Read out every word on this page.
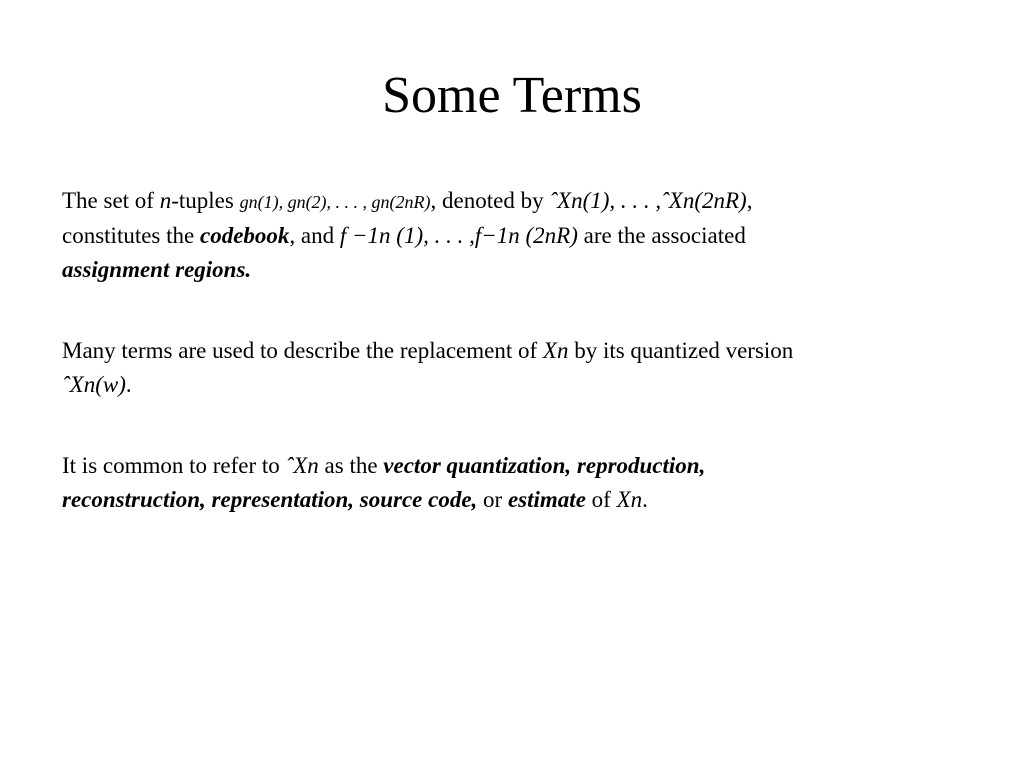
Some Terms
The set of n-tuples gn(1), gn(2), . . . , gn(2nR), denoted by ˆXn(1), . . . ,ˆXn(2nR),
constitutes the codebook, and f −1n (1), . . . ,f−1n (2nR) are the associated
assignment regions.
Many terms are used to describe the replacement of Xn by its quantized version
ˆXn(w).
It is common to refer to ˆXn as the vector quantization, reproduction,
reconstruction, representation, source code, or estimate of Xn.
